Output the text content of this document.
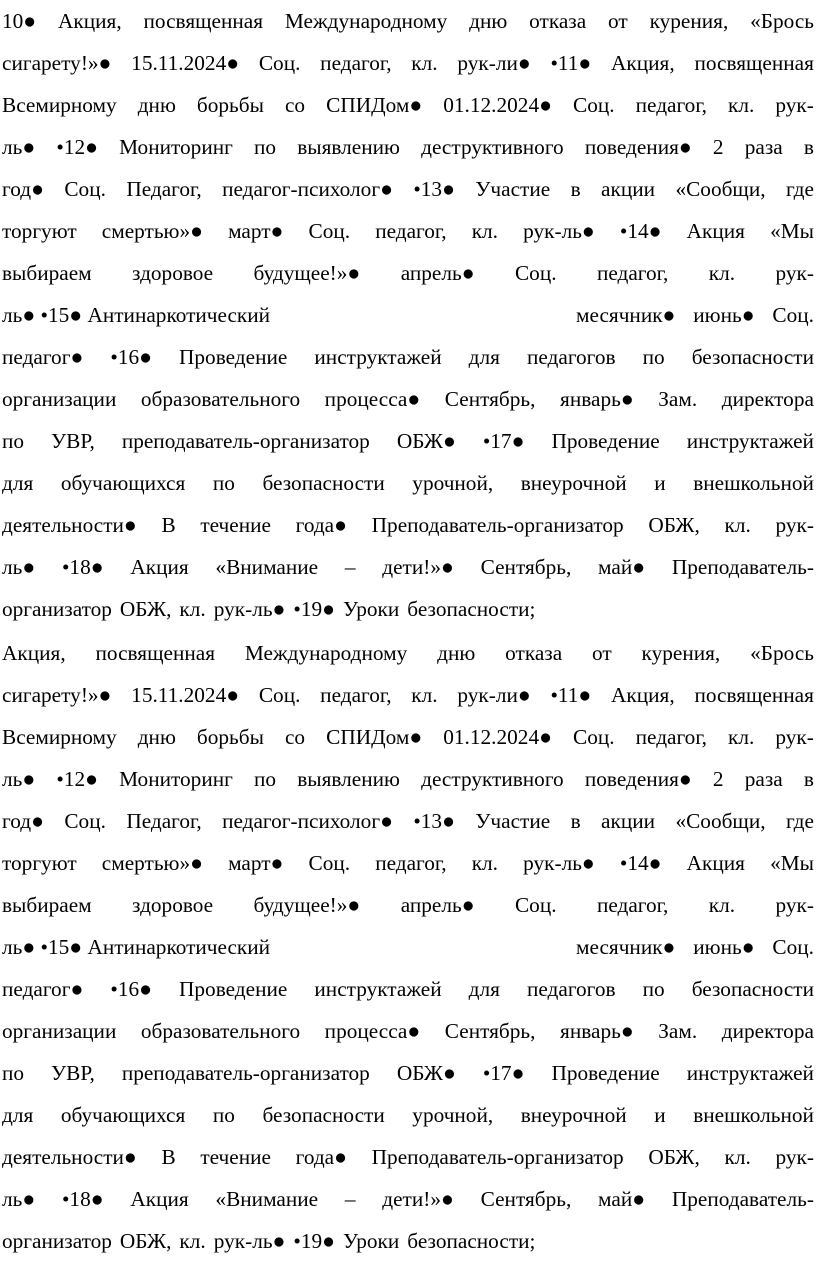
10● Акция, посвященная Международному дню отказа от курения, «Брось
сигарету!»● 15.11.2024● Соц. педагог, кл. рук-ли● •11● Акция, посвященная
Всемирному дню борьбы со СПИДом● 01.12.2024● Соц. педагог, кл. рук-
ль● •12● Мониторинг по выявлению деструктивного поведения● 2 раза в
год● Соц. Педагог, педагог-психолог● •13● Участие в акции «Сообщи, где
торгуют смертью»● март● Соц. педагог, кл. рук-ль● •14● Акция «Мы
выбираем здоровое будущее!»● апрель● Соц. педагог, кл. рук-
ль● •15● Антинаркотический	месячник● июнь● Соц.
педагог● •16● Проведение инструктажей для педагогов по безопасности
организации образовательного процесса● Сентябрь, январь● Зам. директора
по УВР, преподаватель-организатор ОБЖ● •17● Проведение инструктажей
для обучающихся по безопасности урочной, внеурочной и внешкольной
деятельности● В течение года● Преподаватель-организатор ОБЖ, кл. рук-
ль● •18● Акция «Внимание – дети!»● Сентябрь, май● Преподаватель-
организатор ОБЖ, кл. рук-ль● •19● Уроки безопасности;
Акция, посвященная Международному дню отказа от курения, «Брось
сигарету!»● 15.11.2024● Соц. педагог, кл. рук-ли● •11● Акция, посвященная
Всемирному дню борьбы со СПИДом● 01.12.2024● Соц. педагог, кл. рук-
ль● •12● Мониторинг по выявлению деструктивного поведения● 2 раза в
год● Соц. Педагог, педагог-психолог● •13● Участие в акции «Сообщи, где
торгуют смертью»● март● Соц. педагог, кл. рук-ль● •14● Акция «Мы
выбираем здоровое будущее!»● апрель● Соц. педагог, кл. рук-
ль● •15● Антинаркотический	месячник● июнь● Соц.
педагог● •16● Проведение инструктажей для педагогов по безопасности
организации образовательного процесса● Сентябрь, январь● Зам. директора
по УВР, преподаватель-организатор ОБЖ● •17● Проведение инструктажей
для обучающихся по безопасности урочной, внеурочной и внешкольной
деятельности● В течение года● Преподаватель-организатор ОБЖ, кл. рук-
ль● •18● Акция «Внимание – дети!»● Сентябрь, май● Преподаватель-
организатор ОБЖ, кл. рук-ль● •19● Уроки безопасности;
